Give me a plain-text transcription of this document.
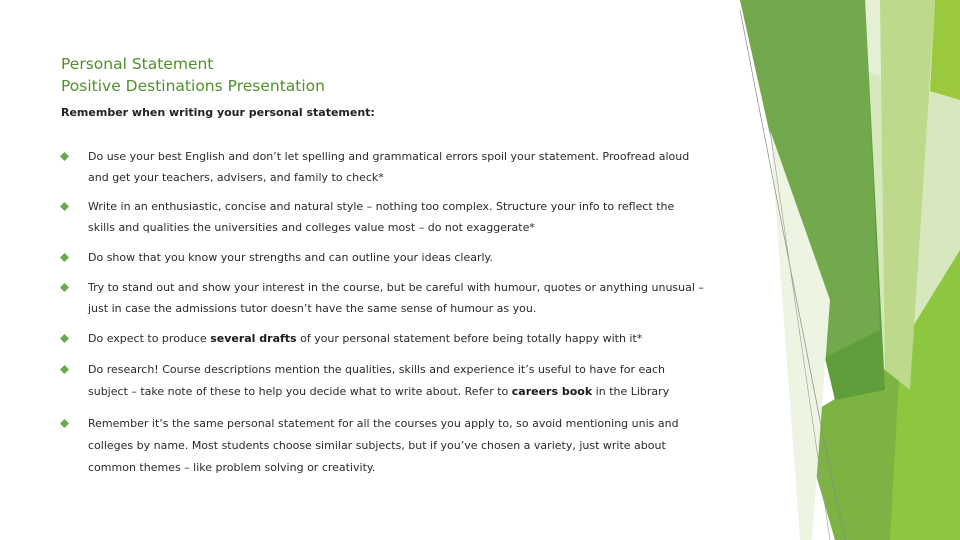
Personal Statement
Positive Destinations Presentation
Remember when writing your personal statement:
Do use your best English and don’t let spelling and grammatical errors spoil your statement. Proofread aloud
and get your teachers, advisers, and family to check*
Write in an enthusiastic, concise and natural style – nothing too complex. Structure your info to reflect the
skills and qualities the universities and colleges value most – do not exaggerate*
Do show that you know your strengths and can outline your ideas clearly.
Try to stand out and show your interest in the course, but be careful with humour, quotes or anything unusual –
just in case the admissions tutor doesn’t have the same sense of humour as you.
Do expect to produce several drafts of your personal statement before being totally happy with it*
Do research! Course descriptions mention the qualities, skills and experience it’s useful to have for each
subject – take note of these to help you decide what to write about. Refer to careers book in the Library
Remember it’s the same personal statement for all the courses you apply to, so avoid mentioning unis and
colleges by name. Most students choose similar subjects, but if you’ve chosen a variety, just write about
common themes – like problem solving or creativity.
